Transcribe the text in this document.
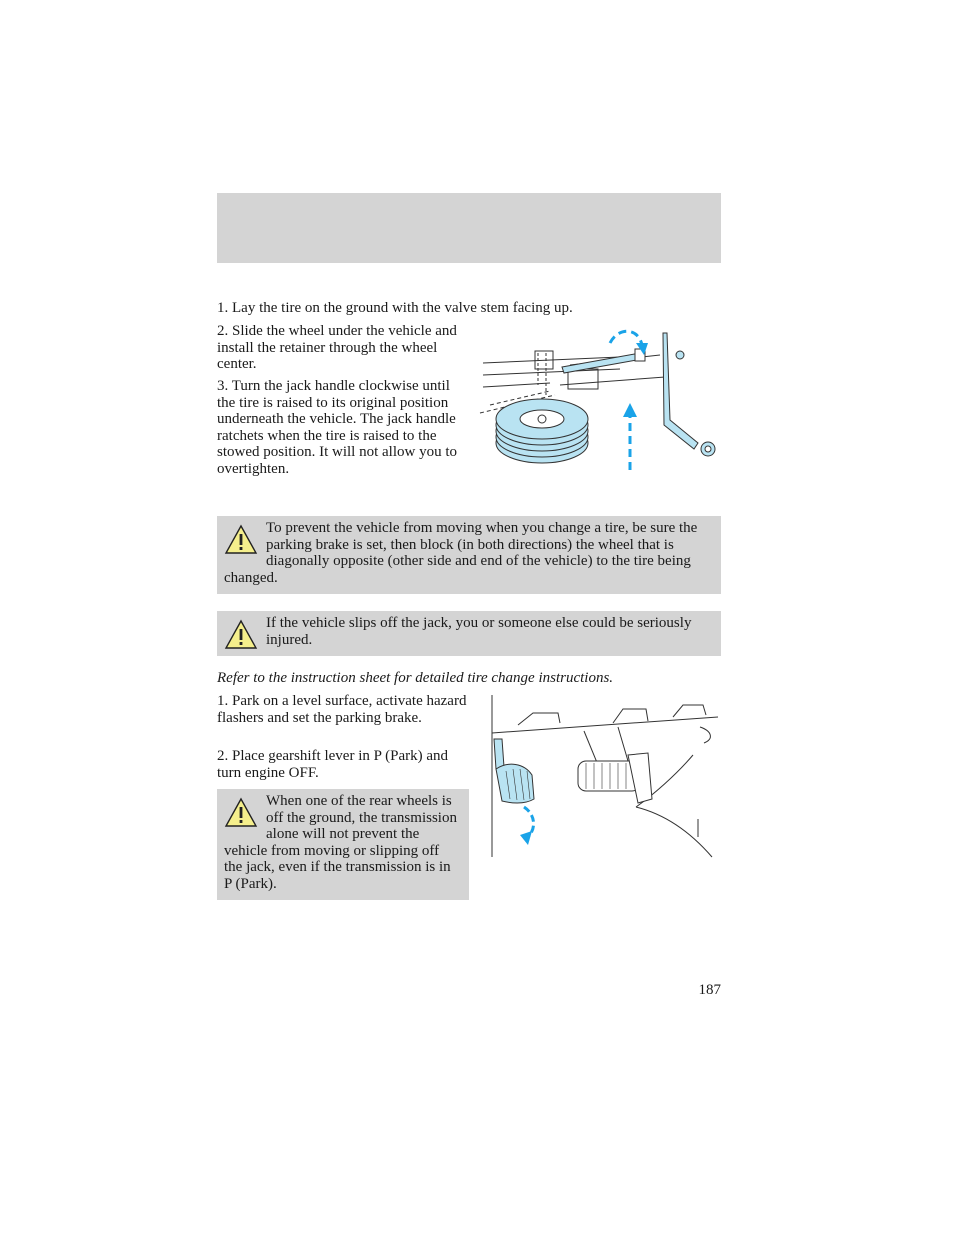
1. Lay the tire on the ground with the valve stem facing up.

2. Slide the wheel under the vehicle and install the retainer through the wheel center.

3. Turn the jack handle clockwise until the tire is raised to its original position underneath the vehicle. The jack handle ratchets when the tire is raised to the stowed position. It will not allow you to overtighten.

To prevent the vehicle from moving when you change a tire, be sure the parking brake is set, then block (in both directions) the wheel that is diagonally opposite (other side and end of the vehicle) to the tire being changed.

If the vehicle slips off the jack, you or someone else could be seriously injured.

Refer to the instruction sheet for detailed tire change instructions.

1. Park on a level surface, activate hazard flashers and set the parking brake.

2. Place gearshift lever in P (Park) and turn engine OFF.

When one of the rear wheels is off the ground, the transmission alone will not prevent the vehicle from moving or slipping off the jack, even if the transmission is in P (Park).

187
